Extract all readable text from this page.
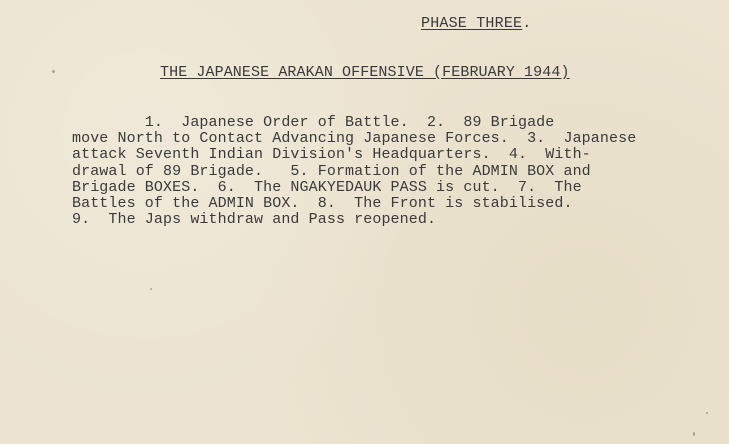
PHASE THREE.
THE JAPANESE ARAKAN OFFENSIVE (FEBRUARY 1944)
1.  Japanese Order of Battle.  2.  89 Brigade
move North to Contact Advancing Japanese Forces.  3.  Japanese
attack Seventh Indian Division's Headquarters.  4.  With-
drawal of 89 Brigade.   5. Formation of the ADMIN BOX and
Brigade BOXES.  6.  The NGAKYEDAUK PASS is cut.  7.  The
Battles of the ADMIN BOX.  8.  The Front is stabilised.
9.  The Japs withdraw and Pass reopened.
